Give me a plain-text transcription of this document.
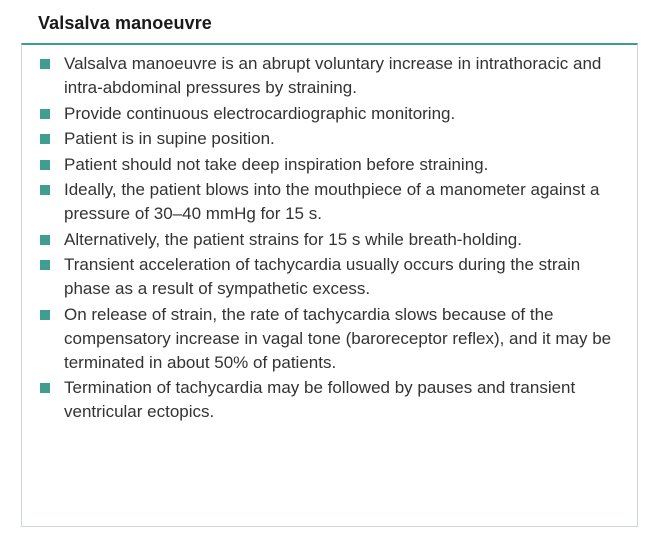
Valsalva manoeuvre
Valsalva manoeuvre is an abrupt voluntary increase in intrathoracic and intra-abdominal pressures by straining.
Provide continuous electrocardiographic monitoring.
Patient is in supine position.
Patient should not take deep inspiration before straining.
Ideally, the patient blows into the mouthpiece of a manometer against a pressure of 30–40 mmHg for 15 s.
Alternatively, the patient strains for 15 s while breath-holding.
Transient acceleration of tachycardia usually occurs during the strain phase as a result of sympathetic excess.
On release of strain, the rate of tachycardia slows because of the compensatory increase in vagal tone (baroreceptor reflex), and it may be terminated in about 50% of patients.
Termination of tachycardia may be followed by pauses and transient ventricular ectopics.
